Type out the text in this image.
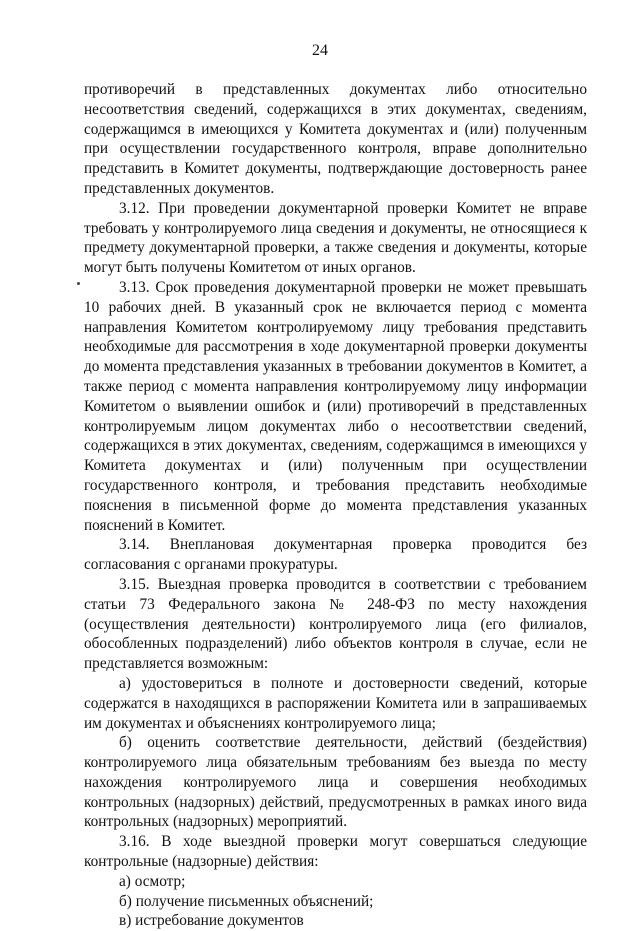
24

противоречий в представленных документах либо относительно несоответствия сведений, содержащихся в этих документах, сведениям, содержащимся в имеющихся у Комитета документах и (или) полученным при осуществлении государственного контроля, вправе дополнительно представить в Комитет документы, подтверждающие достоверность ранее представленных документов.

3.12. При проведении документарной проверки Комитет не вправе требовать у контролируемого лица сведения и документы, не относящиеся к предмету документарной проверки, а также сведения и документы, которые могут быть получены Комитетом от иных органов.

3.13. Срок проведения документарной проверки не может превышать 10 рабочих дней. В указанный срок не включается период с момента направления Комитетом контролируемому лицу требования представить необходимые для рассмотрения в ходе документарной проверки документы до момента представления указанных в требовании документов в Комитет, а также период с момента направления контролируемому лицу информации Комитетом о выявлении ошибок и (или) противоречий в представленных контролируемым лицом документах либо о несоответствии сведений, содержащихся в этих документах, сведениям, содержащимся в имеющихся у Комитета документах и (или) полученным при осуществлении государственного контроля, и требования представить необходимые пояснения в письменной форме до момента представления указанных пояснений в Комитет.

3.14. Внеплановая документарная проверка проводится без согласования с органами прокуратуры.

3.15. Выездная проверка проводится в соответствии с требованием статьи 73 Федерального закона № 248-ФЗ по месту нахождения (осуществления деятельности) контролируемого лица (его филиалов, обособленных подразделений) либо объектов контроля в случае, если не представляется возможным:

а) удостовериться в полноте и достоверности сведений, которые содержатся в находящихся в распоряжении Комитета или в запрашиваемых им документах и объяснениях контролируемого лица;

б) оценить соответствие деятельности, действий (бездействия) контролируемого лица обязательным требованиям без выезда по месту нахождения контролируемого лица и совершения необходимых контрольных (надзорных) действий, предусмотренных в рамках иного вида контрольных (надзорных) мероприятий.

3.16. В ходе выездной проверки могут совершаться следующие контрольные (надзорные) действия:

а) осмотр;

б) получение письменных объяснений;

в) истребование документов
